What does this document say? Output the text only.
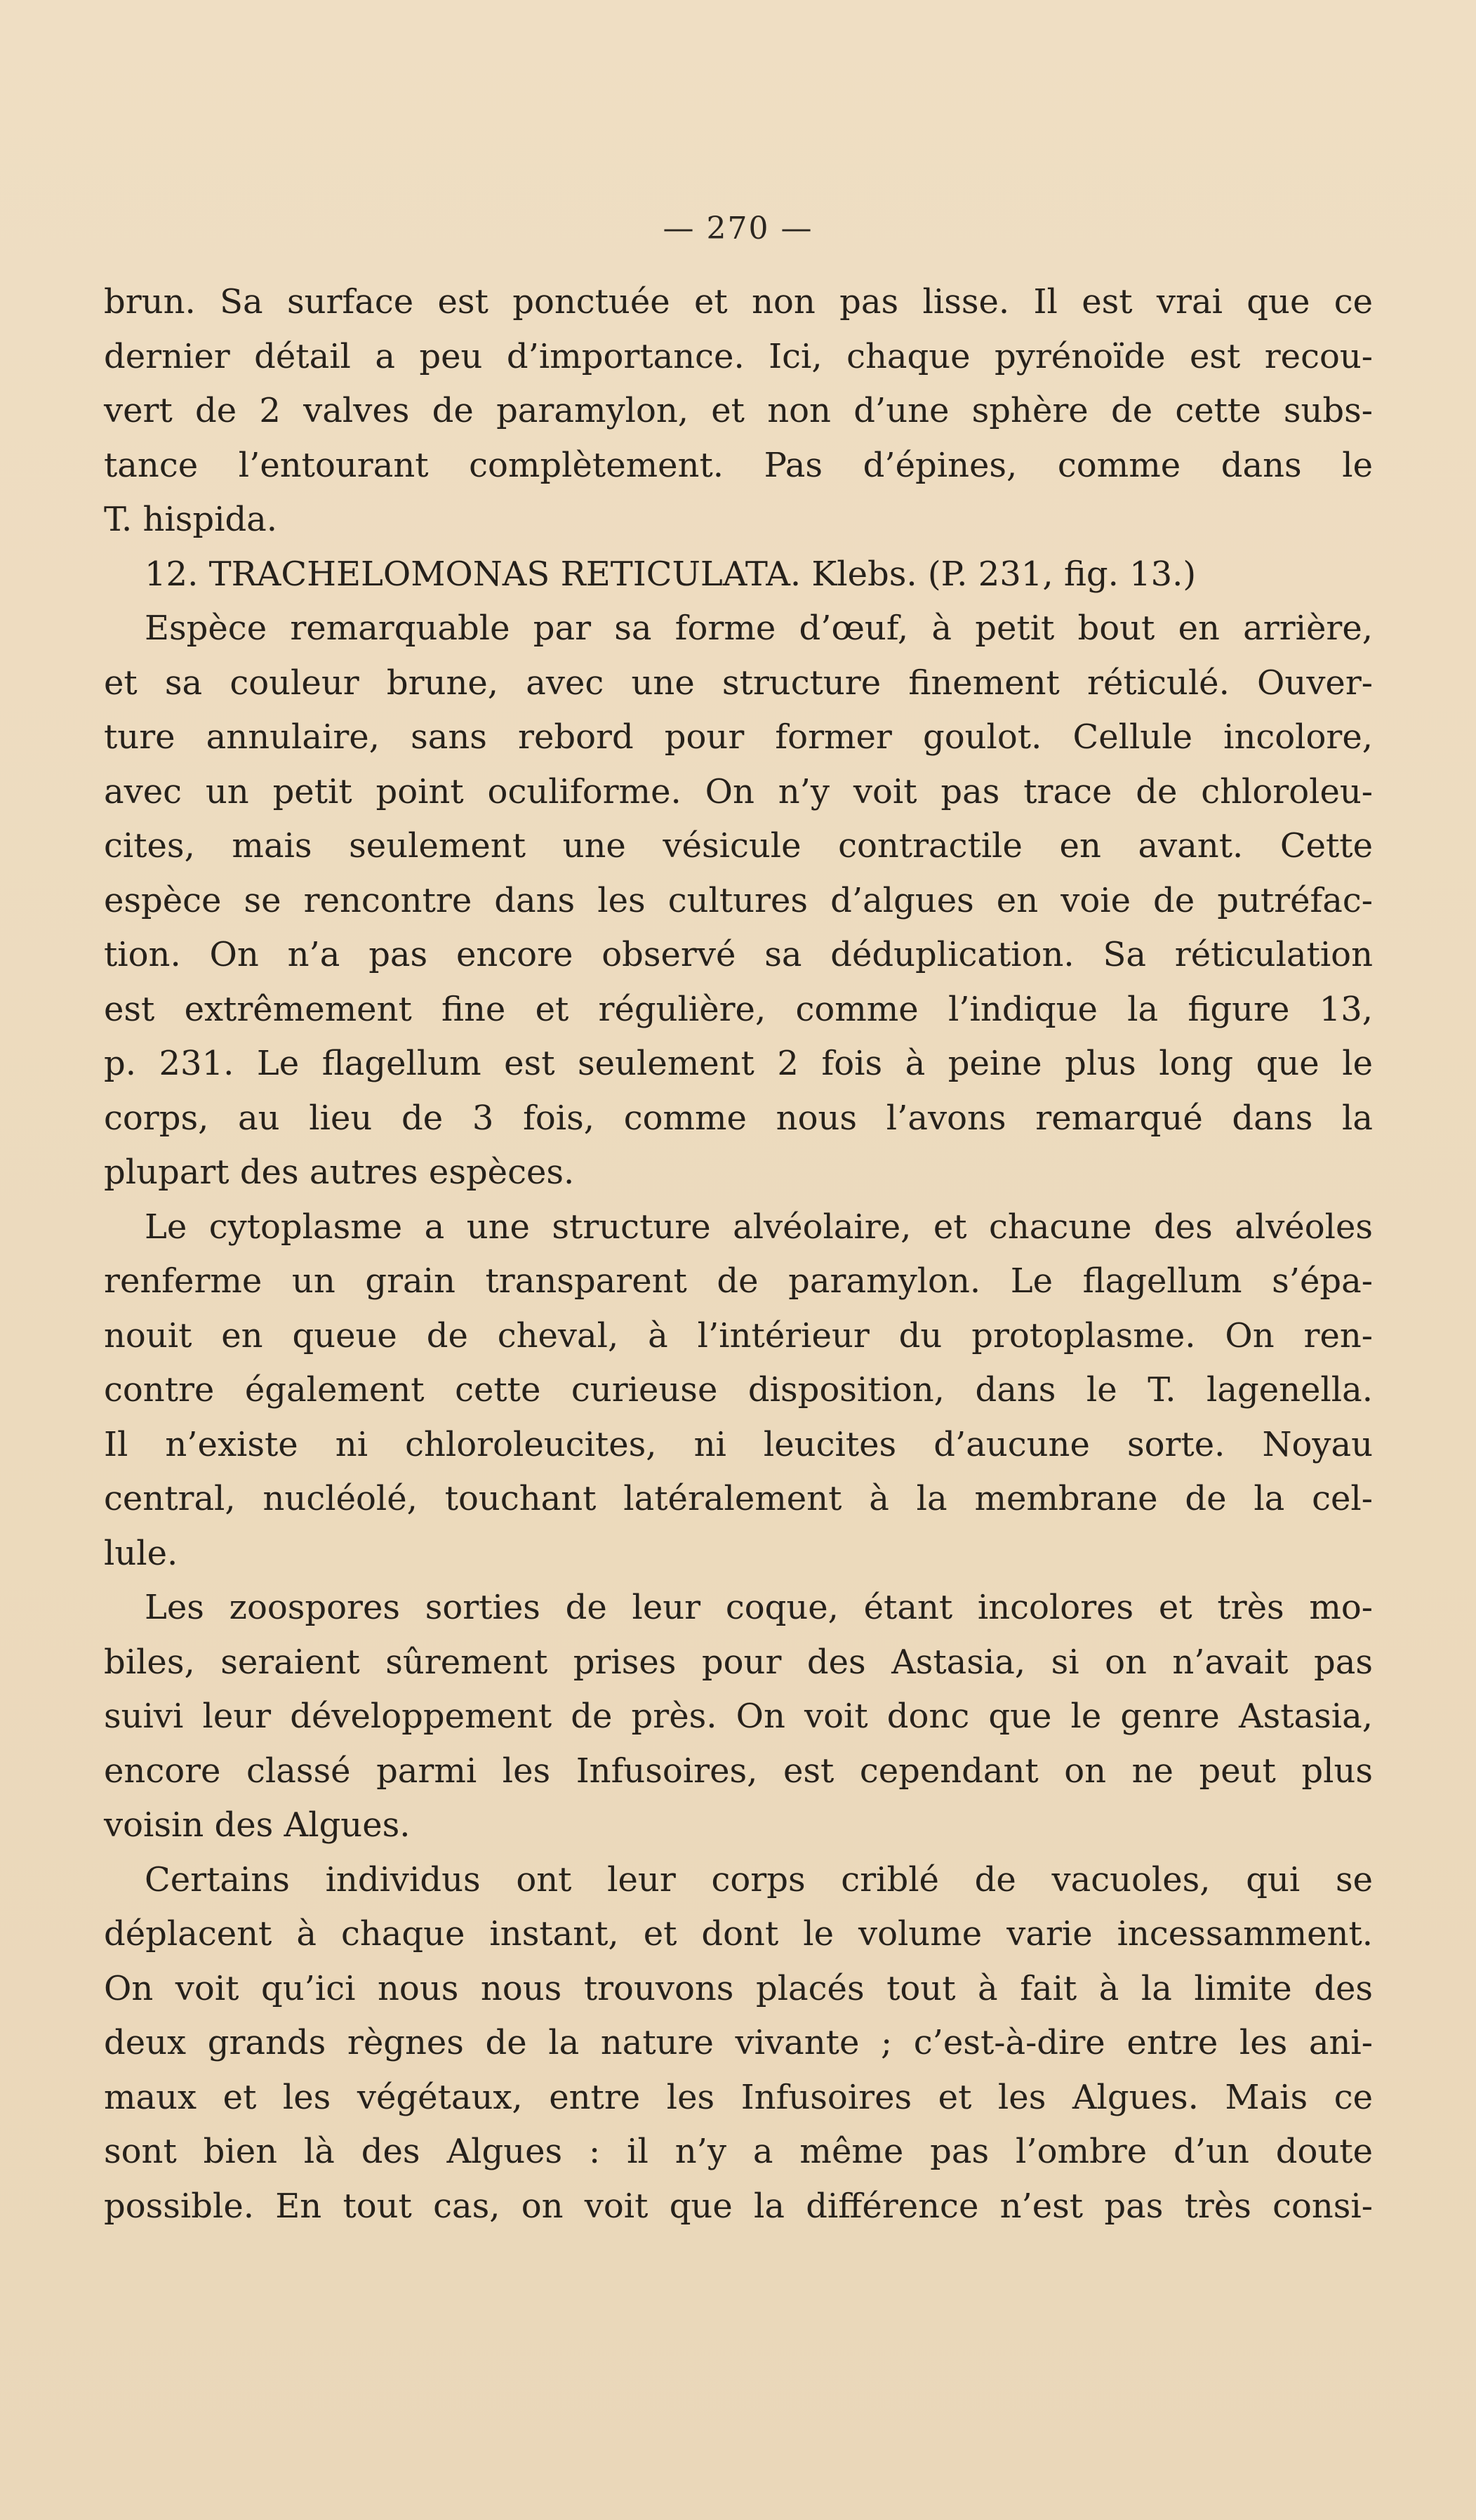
— 270 —
brun. Sa surface est ponctuée et non pas lisse. Il est vrai que ce
dernier détail a peu d’importance. Ici, chaque pyrénoïde est recou-
vert de 2 valves de paramylon, et non d’une sphère de cette subs-
tance l’entourant complètement. Pas d’épines, comme dans le
T. hispida.
12. TRACHELOMONAS RETICULATA. Klebs. (P. 231, fig. 13.)
Espèce remarquable par sa forme d’œuf, à petit bout en arrière,
et sa couleur brune, avec une structure finement réticulé. Ouver-
ture annulaire, sans rebord pour former goulot. Cellule incolore,
avec un petit point oculiforme. On n’y voit pas trace de chloroleu-
cites, mais seulement une vésicule contractile en avant. Cette
espèce se rencontre dans les cultures d’algues en voie de putréfac-
tion. On n’a pas encore observé sa déduplication. Sa réticulation
est extrêmement fine et régulière, comme l’indique la figure 13,
p. 231. Le flagellum est seulement 2 fois à peine plus long que le
corps, au lieu de 3 fois, comme nous l’avons remarqué dans la
plupart des autres espèces.
Le cytoplasme a une structure alvéolaire, et chacune des alvéoles
renferme un grain transparent de paramylon. Le flagellum s’épa-
nouit en queue de cheval, à l’intérieur du protoplasme. On ren-
contre également cette curieuse disposition, dans le T. lagenella.
Il n’existe ni chloroleucites, ni leucites d’aucune sorte. Noyau
central, nucléolé, touchant latéralement à la membrane de la cel-
lule.
Les zoospores sorties de leur coque, étant incolores et très mo-
biles, seraient sûrement prises pour des Astasia, si on n’avait pas
suivi leur développement de près. On voit donc que le genre Astasia,
encore classé parmi les Infusoires, est cependant on ne peut plus
voisin des Algues.
Certains individus ont leur corps criblé de vacuoles, qui se
déplacent à chaque instant, et dont le volume varie incessamment.
On voit qu’ici nous nous trouvons placés tout à fait à la limite des
deux grands règnes de la nature vivante ; c’est-à-dire entre les ani-
maux et les végétaux, entre les Infusoires et les Algues. Mais ce
sont bien là des Algues : il n’y a même pas l’ombre d’un doute
possible. En tout cas, on voit que la différence n’est pas très consi-
